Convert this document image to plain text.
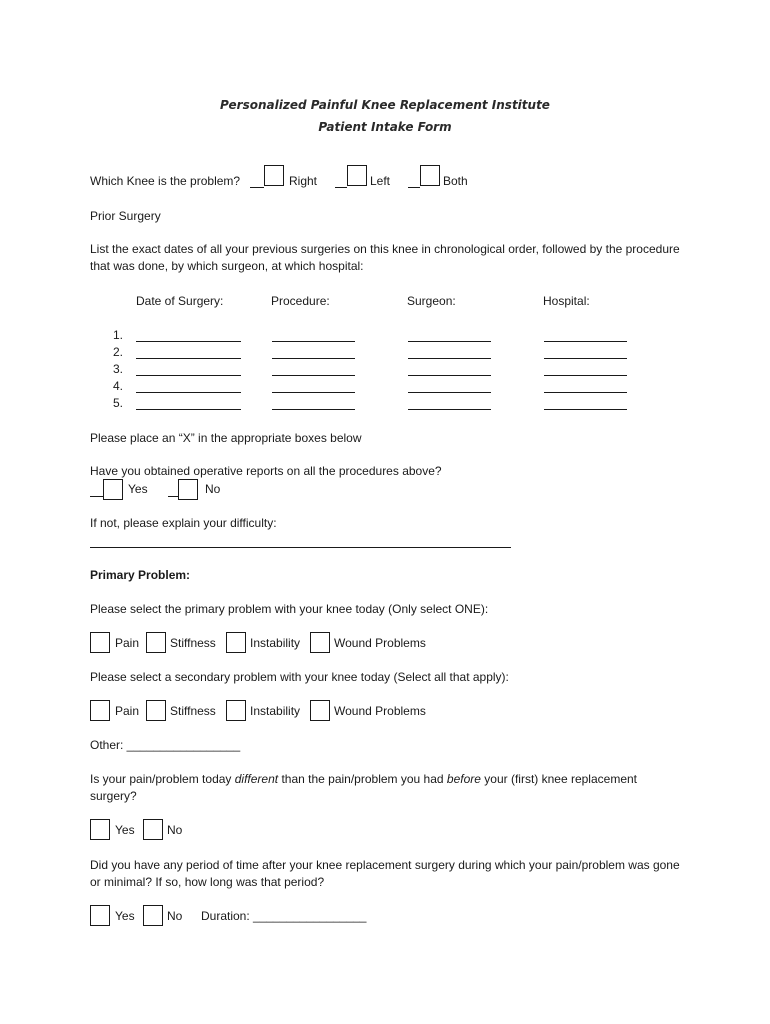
Personalized Painful Knee Replacement Institute
Patient Intake Form
Which Knee is the problem?	Right	Left	Both
Prior Surgery
List the exact dates of all your previous surgeries on this knee in chronological order, followed by the procedure that was done, by which surgeon, at which hospital:
Date of Surgery:	Procedure:	Surgeon:	Hospital:
1.
2.
3.
4.
5.
Please place an “X” in the appropriate boxes below
Have you obtained operative reports on all the procedures above?
Yes	No
If not, please explain your difficulty:
Primary Problem:
Please select the primary problem with your knee today (Only select ONE):
Pain	Stiffness	Instability	Wound Problems
Please select a secondary problem with your knee today (Select all that apply):
Pain	Stiffness	Instability	Wound Problems
Other: _________________
Is your pain/problem today different than the pain/problem you had before your (first) knee replacement surgery?
Yes	No
Did you have any period of time after your knee replacement surgery during which your pain/problem was gone or minimal? If so, how long was that period?
Yes	No Duration: _________________
